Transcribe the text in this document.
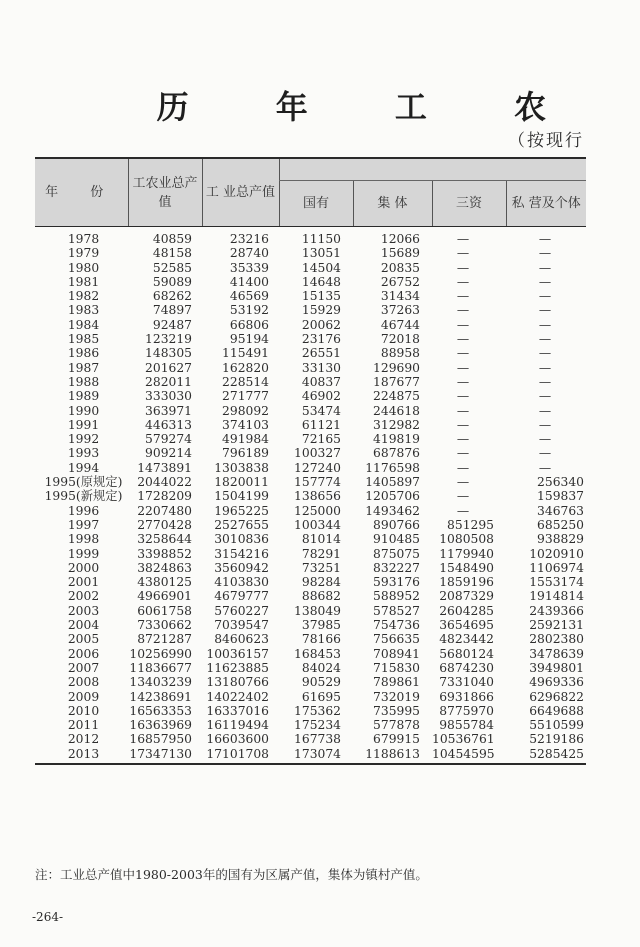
历 年 工 农
（按现行
年 份	工农业总产值	工 业总产值				
			国有	集 体	三资	私 营及个体
1978	40859	23216	11150	12066	—	—
1979	48158	28740	13051	15689	—	—
1980	52585	35339	14504	20835	—	—
1981	59089	41400	14648	26752	—	—
1982	68262	46569	15135	31434	—	—
1983	74897	53192	15929	37263	—	—
1984	92487	66806	20062	46744	—	—
1985	123219	95194	23176	72018	—	—
1986	148305	115491	26551	88958	—	—
1987	201627	162820	33130	129690	—	—
1988	282011	228514	40837	187677	—	—
1989	333030	271777	46902	224875	—	—
1990	363971	298092	53474	244618	—	—
1991	446313	374103	61121	312982	—	—
1992	579274	491984	72165	419819	—	—
1993	909214	796189	100327	687876	—	—
1994	1473891	1303838	127240	1176598	—	—
1995(原规定)	2044022	1820011	157774	1405897	—	256340
1995(新规定)	1728209	1504199	138656	1205706	—	159837
1996	2207480	1965225	125000	1493462	—	346763
1997	2770428	2527655	100344	890766	851295	685250
1998	3258644	3010836	81014	910485	1080508	938829
1999	3398852	3154216	78291	875075	1179940	1020910
2000	3824863	3560942	73251	832227	1548490	1106974
2001	4380125	4103830	98284	593176	1859196	1553174
2002	4966901	4679777	88682	588952	2087329	1914814
2003	6061758	5760227	138049	578527	2604285	2439366
2004	7330662	7039547	37985	754736	3654695	2592131
2005	8721287	8460623	78166	756635	4823442	2802380
2006	10256990	10036157	168453	708941	5680124	3478639
2007	11836677	11623885	84024	715830	6874230	3949801
2008	13403239	13180766	90529	789861	7331040	4969336
2009	14238691	14022402	61695	732019	6931866	6296822
2010	16563353	16337016	175362	735995	8775970	6649688
2011	16363969	16119494	175234	577878	9855784	5510599
2012	16857950	16603600	167738	679915	10536761	5219186
2013	17347130	17101708	173074	1188613	10454595	5285425
注：工业总产值中1980-2003年的国有为区属产值，集体为镇村产值。
-264-
